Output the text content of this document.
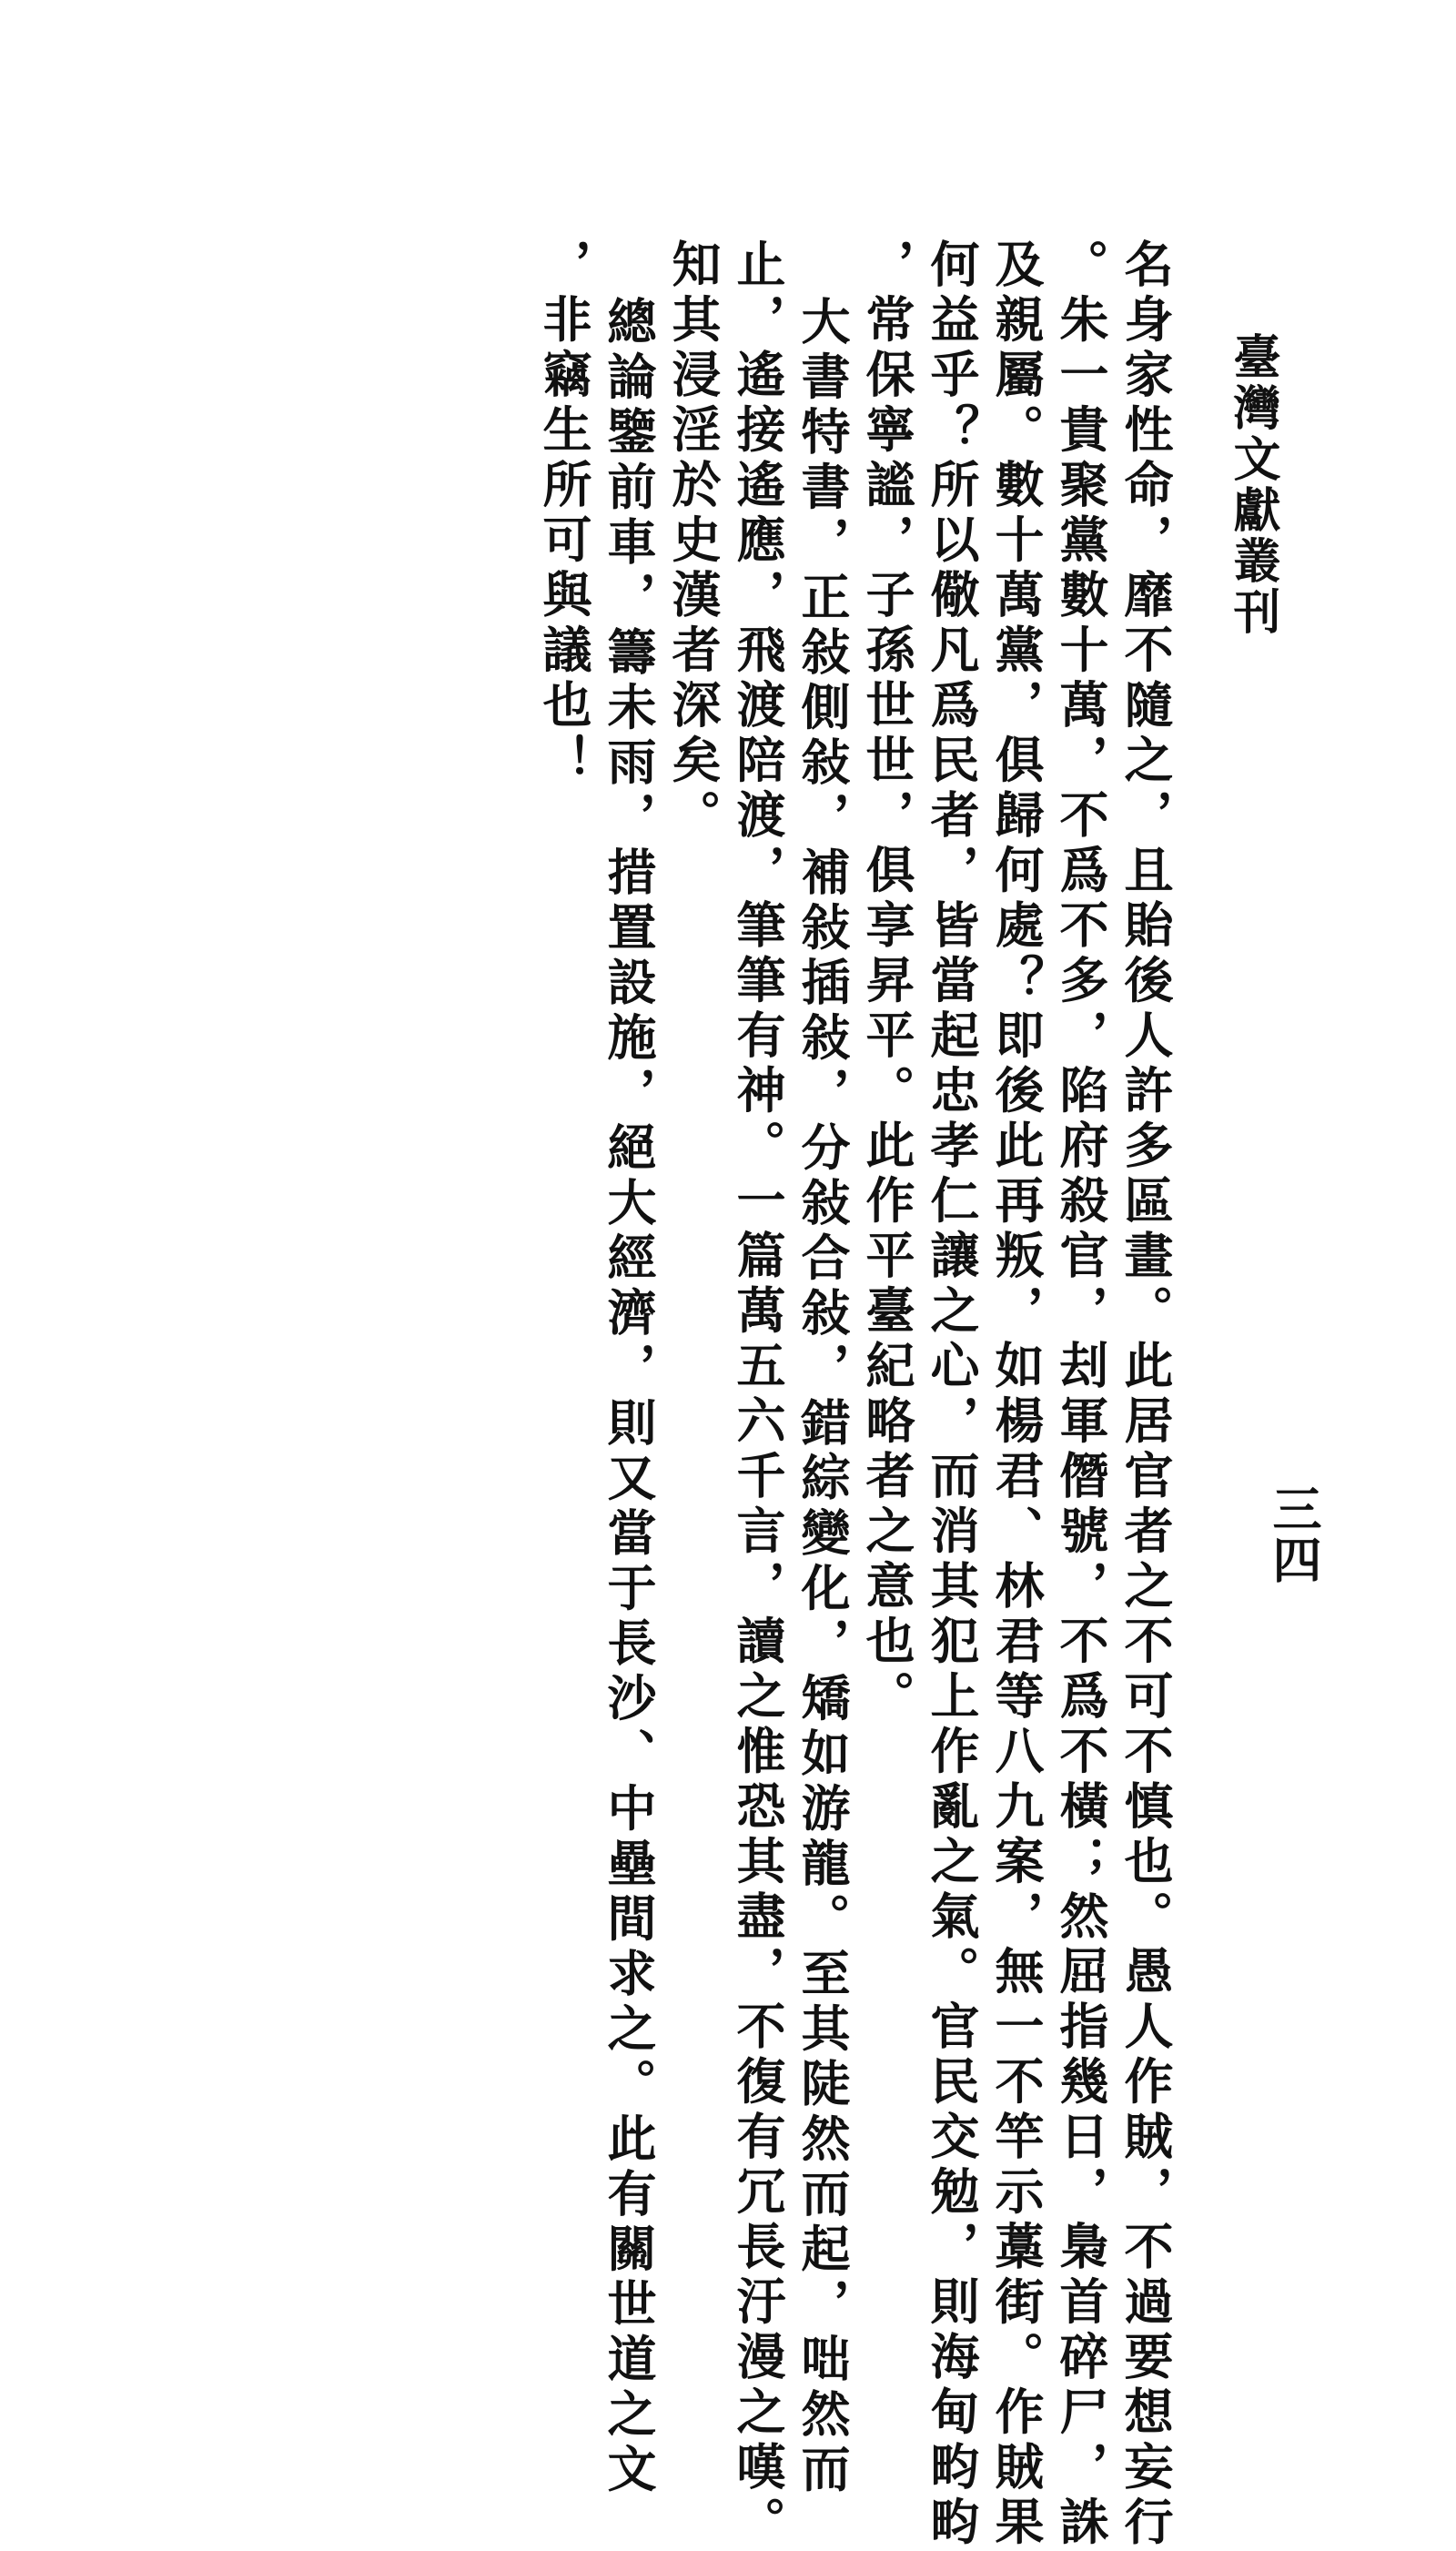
臺灣文獻叢刊
三四
名身家性命，靡不隨之，且貽後人許多區畫。此居官者之不可不慎也。愚人作賊，不過要想妄行
。朱一貴聚黨數十萬，不爲不多，陷府殺官，刦軍僭號，不爲不橫；然屈指幾日，梟首碎尸，誅
及親屬。數十萬黨，俱歸何處？即後此再叛，如楊君、林君等八九案，無一不竿示藁街。作賊果
何益乎？所以儆凡爲民者，皆當起忠孝仁讓之心，而消其犯上作亂之氣。官民交勉，則海甸畇畇
，常保寧謐，子孫世世，俱享昇平。此作平臺紀略者之意也。
大書特書，正敍側敍，補敍插敍，分敍合敍，錯綜變化，矯如游龍。至其陡然而起，咄然而
止，遙接遙應，飛渡陪渡，筆筆有神。一篇萬五六千言，讀之惟恐其盡，不復有冗長汙漫之嘆。
知其浸淫於史漢者深矣。
總論鑒前車，籌未雨，措置設施，絕大經濟，則又當于長沙、中壘間求之。此有關世道之文
，非竊生所可與議也！
